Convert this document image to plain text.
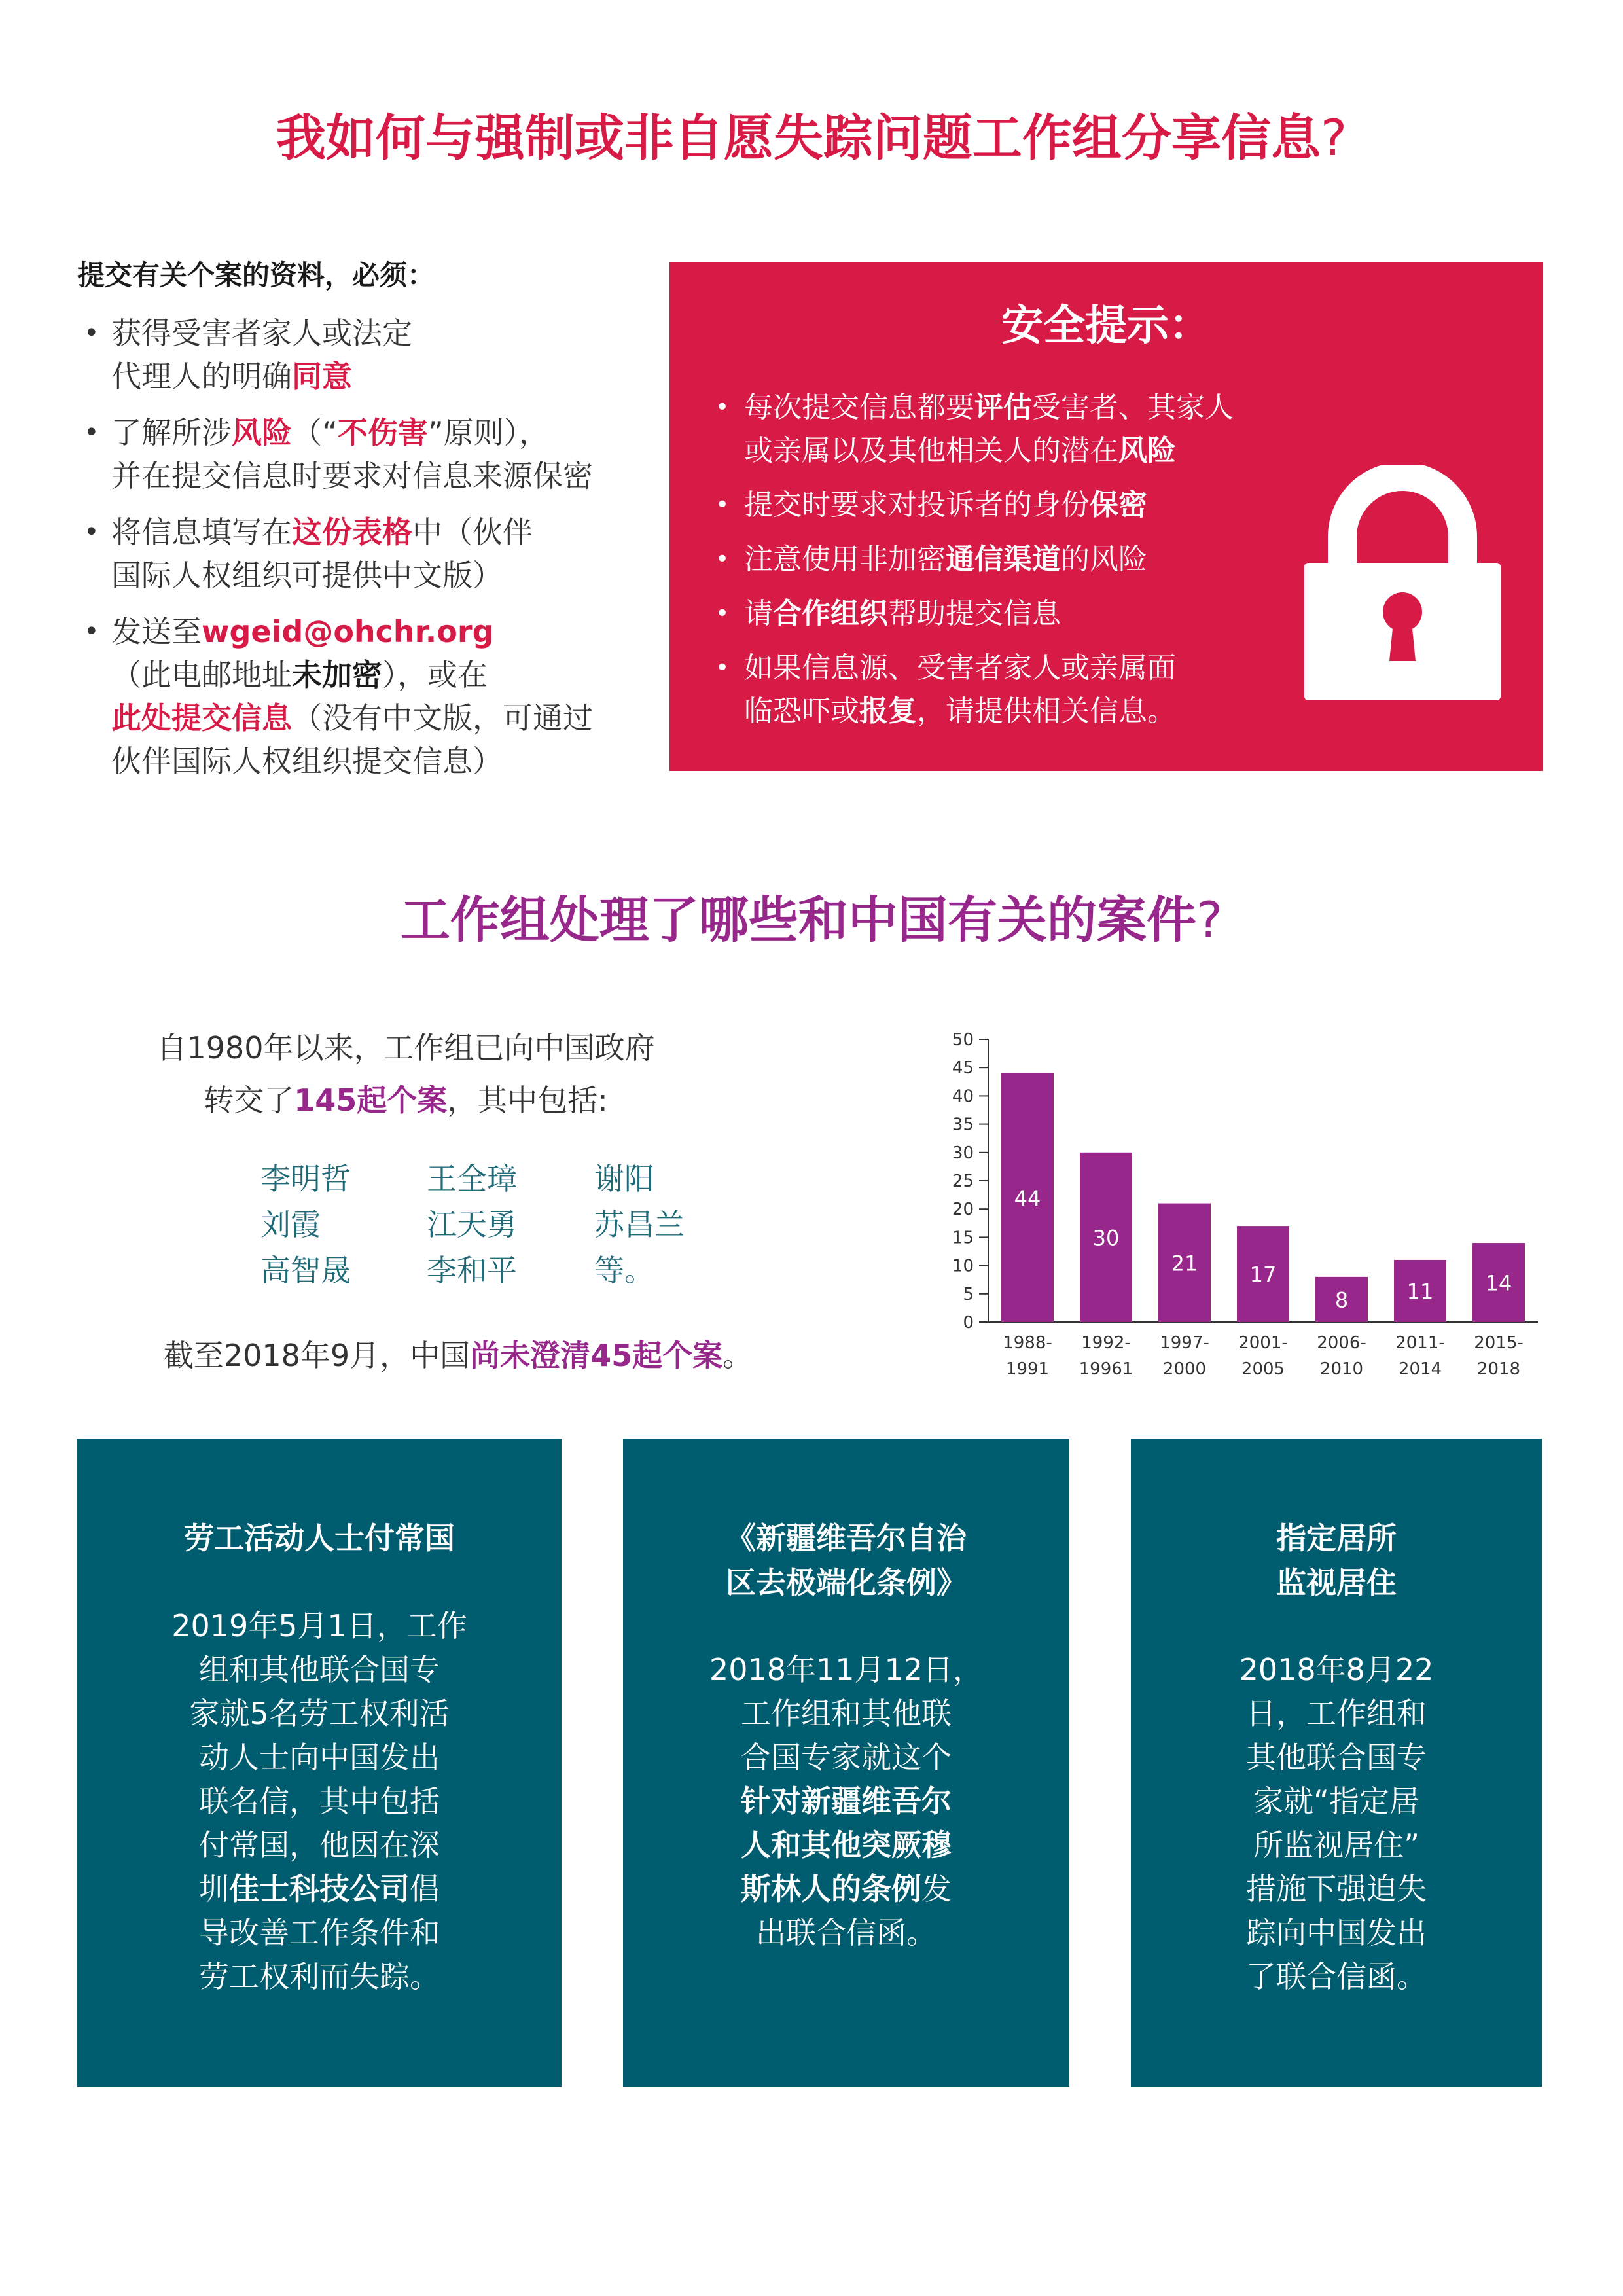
我如何与强制或非自愿失踪问题工作组分享信息?
提交有关个案的资料，必须：
• 获得受害者家人或法定
代理人的明确同意
• 了解所涉风险（“不伤害”原则），
并在提交信息时要求对信息来源保密
• 将信息填写在这份表格中（伙伴
国际人权组织可提供中文版）
• 发送至wgeid@ohchr.org
（此电邮地址未加密），或在
此处提交信息（没有中文版，可通过
伙伴国际人权组织提交信息）
安全提示：
• 每次提交信息都要评估受害者、其家人
或亲属以及其他相关人的潜在风险
• 提交时要求对投诉者的身份保密
• 注意使用非加密通信渠道的风险
• 请合作组织帮助提交信息
• 如果信息源、受害者家人或亲属面
临恐吓或报复，请提供相关信息。
工作组处理了哪些和中国有关的案件?
自1980年以来，工作组已向中国政府
转交了145起个案，其中包括:
李明哲	王全璋	谢阳
刘霞	江天勇	苏昌兰
高智晟	李和平	等。
截至2018年9月，中国尚未澄清45起个案。
0
5
10
15
20
25
30
35
40
45
50
44
1988-
1991
30
1992-
19961
21
1997-
2000
17
2001-
2005
8
2006-
2010
11
2011-
2014
14
2015-
2018
劳工活动人士付常国
2019年5月1日，工作
组和其他联合国专
家就5名劳工权利活
动人士向中国发出
联名信，其中包括
付常国，他因在深
圳佳士科技公司倡
导改善工作条件和
劳工权利而失踪。
《新疆维吾尔自治
区去极端化条例》
2018年11月12日，
工作组和其他联
合国专家就这个
针对新疆维吾尔
人和其他突厥穆
斯林人的条例发
出联合信函。
指定居所
监视居住
2018年8月22
日，工作组和
其他联合国专
家就“指定居
所监视居住”
措施下强迫失
踪向中国发出
了联合信函。
